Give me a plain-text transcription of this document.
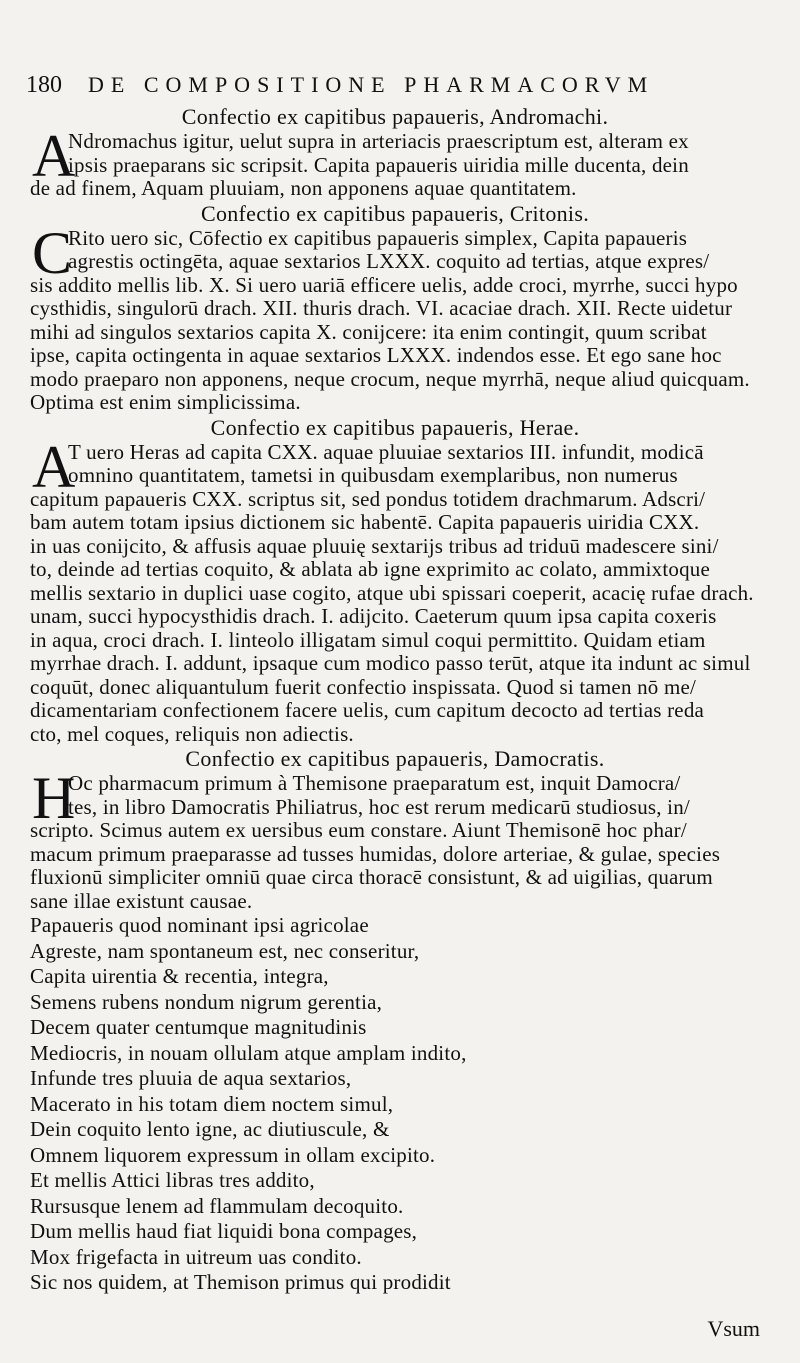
180 DE COMPOSITIONE PHARMACORVM
Confectio ex capitibus papaueris, Andromachi.
A
Ndromachus igitur, uelut supra in arteriacis praescriptum est, alteram ex
ipsis praeparans sic scripsit. Capita papaueris uiridia mille ducenta, dein
de ad finem, Aquam pluuiam, non apponens aquae quantitatem.
Confectio ex capitibus papaueris, Critonis.
C
Rito uero sic, Cōfectio ex capitibus papaueris simplex, Capita papaueris
agrestis octingēta, aquae sextarios LXXX. coquito ad tertias, atque expres/
sis addito mellis lib. X. Si uero uariā efficere uelis, adde croci, myrrhe, succi hypo
cysthidis, singulorū drach. XII. thuris drach. VI. acaciae drach. XII. Recte uidetur
mihi ad singulos sextarios capita X. conijcere: ita enim contingit, quum scribat
ipse, capita octingenta in aquae sextarios LXXX. indendos esse. Et ego sane hoc
modo praeparo non apponens, neque crocum, neque myrrhā, neque aliud quicquam.
Optima est enim simplicissima.
Confectio ex capitibus papaueris, Herae.
A
T uero Heras ad capita CXX. aquae pluuiae sextarios III. infundit, modicā
omnino quantitatem, tametsi in quibusdam exemplaribus, non numerus
capitum papaueris CXX. scriptus sit, sed pondus totidem drachmarum. Adscri/
bam autem totam ipsius dictionem sic habentē. Capita papaueris uiridia CXX.
in uas conijcito, & affusis aquae pluuię sextarijs tribus ad triduū madescere sini/
to, deinde ad tertias coquito, & ablata ab igne exprimito ac colato, ammixtoque
mellis sextario in duplici uase cogito, atque ubi spissari coeperit, acacię rufae drach.
unam, succi hypocysthidis drach. I. adijcito. Caeterum quum ipsa capita coxeris
in aqua, croci drach. I. linteolo illigatam simul coqui permittito. Quidam etiam
myrrhae drach. I. addunt, ipsaque cum modico passo terūt, atque ita indunt ac simul
coquūt, donec aliquantulum fuerit confectio inspissata. Quod si tamen nō me/
dicamentariam confectionem facere uelis, cum capitum decocto ad tertias reda
cto, mel coques, reliquis non adiectis.
Confectio ex capitibus papaueris, Damocratis.
H
Oc pharmacum primum à Themisone praeparatum est, inquit Damocra/
tes, in libro Damocratis Philiatrus, hoc est rerum medicarū studiosus, in/
scripto. Scimus autem ex uersibus eum constare. Aiunt Themisonē hoc phar/
macum primum praeparasse ad tusses humidas, dolore arteriae, & gulae, species
fluxionū simpliciter omniū quae circa thoracē consistunt, & ad uigilias, quarum
sane illae existunt causae.
Papaueris quod nominant ipsi agricolae
Agreste, nam spontaneum est, nec conseritur,
Capita uirentia & recentia, integra,
Semens rubens nondum nigrum gerentia,
Decem quater centumque magnitudinis
Mediocris, in nouam ollulam atque amplam indito,
Infunde tres pluuia de aqua sextarios,
Macerato in his totam diem noctem simul,
Dein coquito lento igne, ac diutiuscule, &
Omnem liquorem expressum in ollam excipito.
Et mellis Attici libras tres addito,
Rursusque lenem ad flammulam decoquito.
Dum mellis haud fiat liquidi bona compages,
Mox frigefacta in uitreum uas condito.
Sic nos quidem, at Themison primus qui prodidit
Vsum
